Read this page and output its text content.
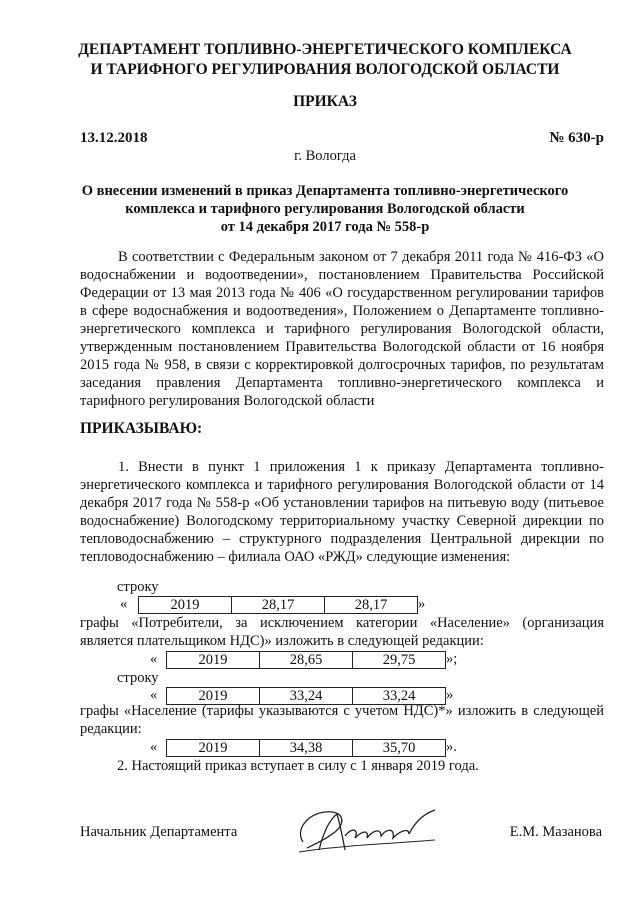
ДЕПАРТАМЕНТ ТОПЛИВНО-ЭНЕРГЕТИЧЕСКОГО КОМПЛЕКСА
И ТАРИФНОГО РЕГУЛИРОВАНИЯ ВОЛОГОДСКОЙ ОБЛАСТИ
ПРИКАЗ
13.12.2018	№ 630-р
г. Вологда
О внесении изменений в приказ Департамента топливно-энергетического
комплекса и тарифного регулирования Вологодской области
от 14 декабря 2017 года № 558-р
В соответствии с Федеральным законом от 7 декабря 2011 года № 416-ФЗ «О водоснабжении и водоотведении», постановлением Правительства Российской Федерации от 13 мая 2013 года № 406 «О государственном регулировании тарифов в сфере водоснабжения и водоотведения», Положением о Департаменте топливно-энергетического комплекса и тарифного регулирования Вологодской области, утвержденным постановлением Правительства Вологодской области от 16 ноября 2015 года № 958, в связи с корректировкой долгосрочных тарифов, по результатам заседания правления Департамента топливно-энергетического комплекса и тарифного регулирования Вологодской области
ПРИКАЗЫВАЮ:
1. Внести в пункт 1 приложения 1 к приказу Департамента топливно-энергетического комплекса и тарифного регулирования Вологодской области от 14 декабря 2017 года № 558-р «Об установлении тарифов на питьевую воду (питьевое водоснабжение) Вологодскому территориальному участку Северной дирекции по тепловодоснабжению – структурного подразделения Центральной дирекции по тепловодоснабжению – филиала ОАО «РЖД» следующие изменения:
строку
«	2019	28,17	28,17 »
графы «Потребители, за исключением категории «Население» (организация является плательщиком НДС)» изложить в следующей редакции:
«	2019	28,65	29,75 »;
строку
«	2019	33,24	33,24 »
графы «Население (тарифы указываются с учетом НДС)*» изложить в следующей редакции:
«	2019	34,38	35,70 ».
2. Настоящий приказ вступает в силу с 1 января 2019 года.
Начальник Департамента	Е.М. Мазанова
